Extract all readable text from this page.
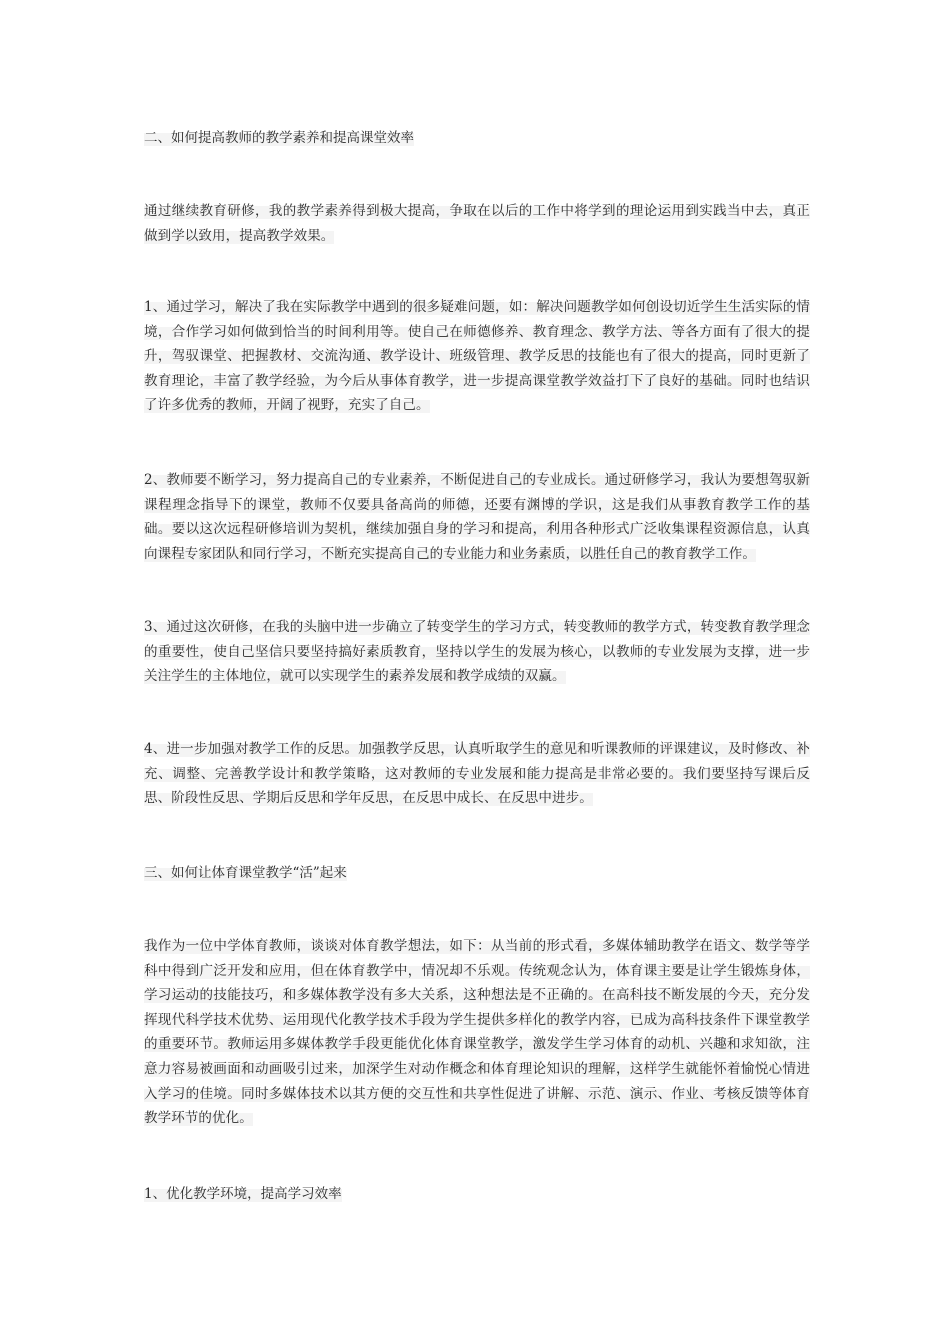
二、如何提高教师的教学素养和提高课堂效率

通过继续教育研修，我的教学素养得到极大提高，争取在以后的工作中将学到的理论运用到实践当中去，真正做到学以致用，提高教学效果。

1、通过学习，解决了我在实际教学中遇到的很多疑难问题，如：解决问题教学如何创设切近学生生活实际的情境，合作学习如何做到恰当的时间利用等。使自己在师德修养、教育理念、教学方法、等各方面有了很大的提升，驾驭课堂、把握教材、交流沟通、教学设计、班级管理、教学反思的技能也有了很大的提高，同时更新了教育理论，丰富了教学经验，为今后从事体育教学，进一步提高课堂教学效益打下了良好的基础。同时也结识了许多优秀的教师，开阔了视野，充实了自己。

2、教师要不断学习，努力提高自己的专业素养，不断促进自己的专业成长。通过研修学习，我认为要想驾驭新课程理念指导下的课堂，教师不仅要具备高尚的师德，还要有渊博的学识，这是我们从事教育教学工作的基础。要以这次远程研修培训为契机，继续加强自身的学习和提高，利用各种形式广泛收集课程资源信息，认真向课程专家团队和同行学习，不断充实提高自己的专业能力和业务素质，以胜任自己的教育教学工作。

3、通过这次研修，在我的头脑中进一步确立了转变学生的学习方式，转变教师的教学方式，转变教育教学理念的重要性，使自己坚信只要坚持搞好素质教育，坚持以学生的发展为核心，以教师的专业发展为支撑，进一步关注学生的主体地位，就可以实现学生的素养发展和教学成绩的双赢。

4、进一步加强对教学工作的反思。加强教学反思，认真听取学生的意见和听课教师的评课建议，及时修改、补充、调整、完善教学设计和教学策略，这对教师的专业发展和能力提高是非常必要的。我们要坚持写课后反思、阶段性反思、学期后反思和学年反思，在反思中成长、在反思中进步。

三、如何让体育课堂教学“活”起来

我作为一位中学体育教师，谈谈对体育教学想法，如下：从当前的形式看，多媒体辅助教学在语文、数学等学科中得到广泛开发和应用，但在体育教学中，情况却不乐观。传统观念认为，体育课主要是让学生锻炼身体，学习运动的技能技巧，和多媒体教学没有多大关系，这种想法是不正确的。在高科技不断发展的今天，充分发挥现代科学技术优势、运用现代化教学技术手段为学生提供多样化的教学内容，已成为高科技条件下课堂教学的重要环节。教师运用多媒体教学手段更能优化体育课堂教学，激发学生学习体育的动机、兴趣和求知欲，注意力容易被画面和动画吸引过来，加深学生对动作概念和体育理论知识的理解，这样学生就能怀着愉悦心情进入学习的佳境。同时多媒体技术以其方便的交互性和共享性促进了讲解、示范、演示、作业、考核反馈等体育教学环节的优化。

1、优化教学环境，提高学习效率
